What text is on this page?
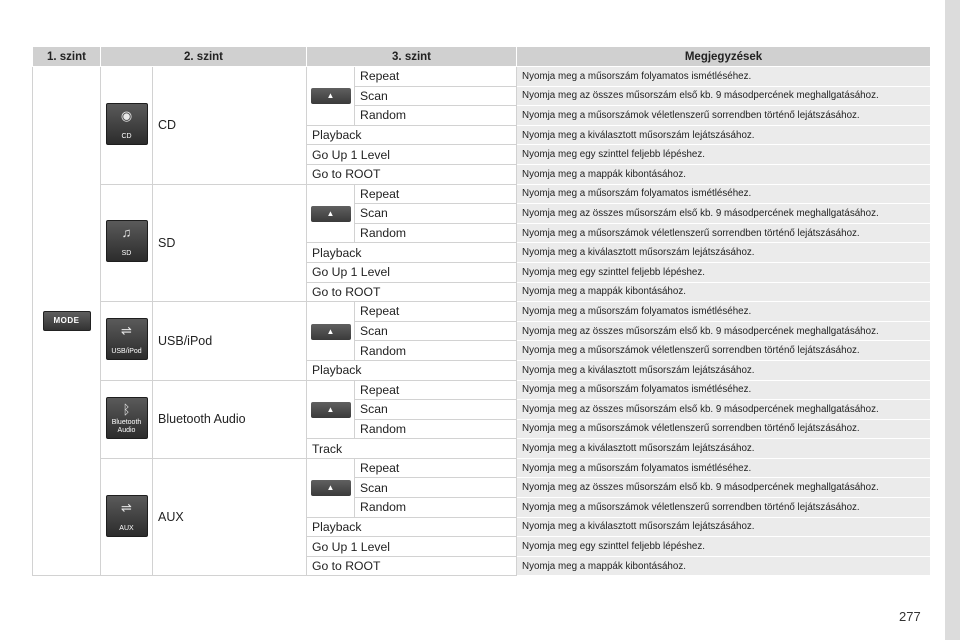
1. szint	2. szint		3. szint		Megjegyzések
MODE	◉
CD	CD	▲	Repeat	Nyomja meg a műsorszám folyamatos ismétléséhez.
				Scan	Nyomja meg az összes műsorszám első kb. 9 másodpercének meghallgatásához.
				Random	Nyomja meg a műsorszámok véletlenszerű sorrendben történő lejátszásához.
			Playback		Nyomja meg a kiválasztott műsorszám lejátszásához.
			Go Up 1 Level		Nyomja meg egy szinttel feljebb lépéshez.
			Go to ROOT		Nyomja meg a mappák kibontásához.

	♫
SD	SD	▲	Repeat	Nyomja meg a műsorszám folyamatos ismétléséhez.
				Scan	Nyomja meg az összes műsorszám első kb. 9 másodpercének meghallgatásához.
				Random	Nyomja meg a műsorszámok véletlenszerű sorrendben történő lejátszásához.
			Playback		Nyomja meg a kiválasztott műsorszám lejátszásához.
			Go Up 1 Level		Nyomja meg egy szinttel feljebb lépéshez.
			Go to ROOT		Nyomja meg a mappák kibontásához.

	⇌
USB/iPod	USB/iPod	▲	Repeat	Nyomja meg a műsorszám folyamatos ismétléséhez.
				Scan	Nyomja meg az összes műsorszám első kb. 9 másodpercének meghallgatásához.
				Random	Nyomja meg a műsorszámok véletlenszerű sorrendben történő lejátszásához.
			Playback		Nyomja meg a kiválasztott műsorszám lejátszásához.

	ᛒ
Bluetooth Audio	Bluetooth Audio	▲	Repeat	Nyomja meg a műsorszám folyamatos ismétléséhez.
				Scan	Nyomja meg az összes műsorszám első kb. 9 másodpercének meghallgatásához.
				Random	Nyomja meg a műsorszámok véletlenszerű sorrendben történő lejátszásához.
			Track		Nyomja meg a kiválasztott műsorszám lejátszásához.

	⇌
AUX	AUX	▲	Repeat	Nyomja meg a műsorszám folyamatos ismétléséhez.
				Scan	Nyomja meg az összes műsorszám első kb. 9 másodpercének meghallgatásához.
				Random	Nyomja meg a műsorszámok véletlenszerű sorrendben történő lejátszásához.
			Playback		Nyomja meg a kiválasztott műsorszám lejátszásához.
			Go Up 1 Level		Nyomja meg egy szinttel feljebb lépéshez.
			Go to ROOT		Nyomja meg a mappák kibontásához.
277
